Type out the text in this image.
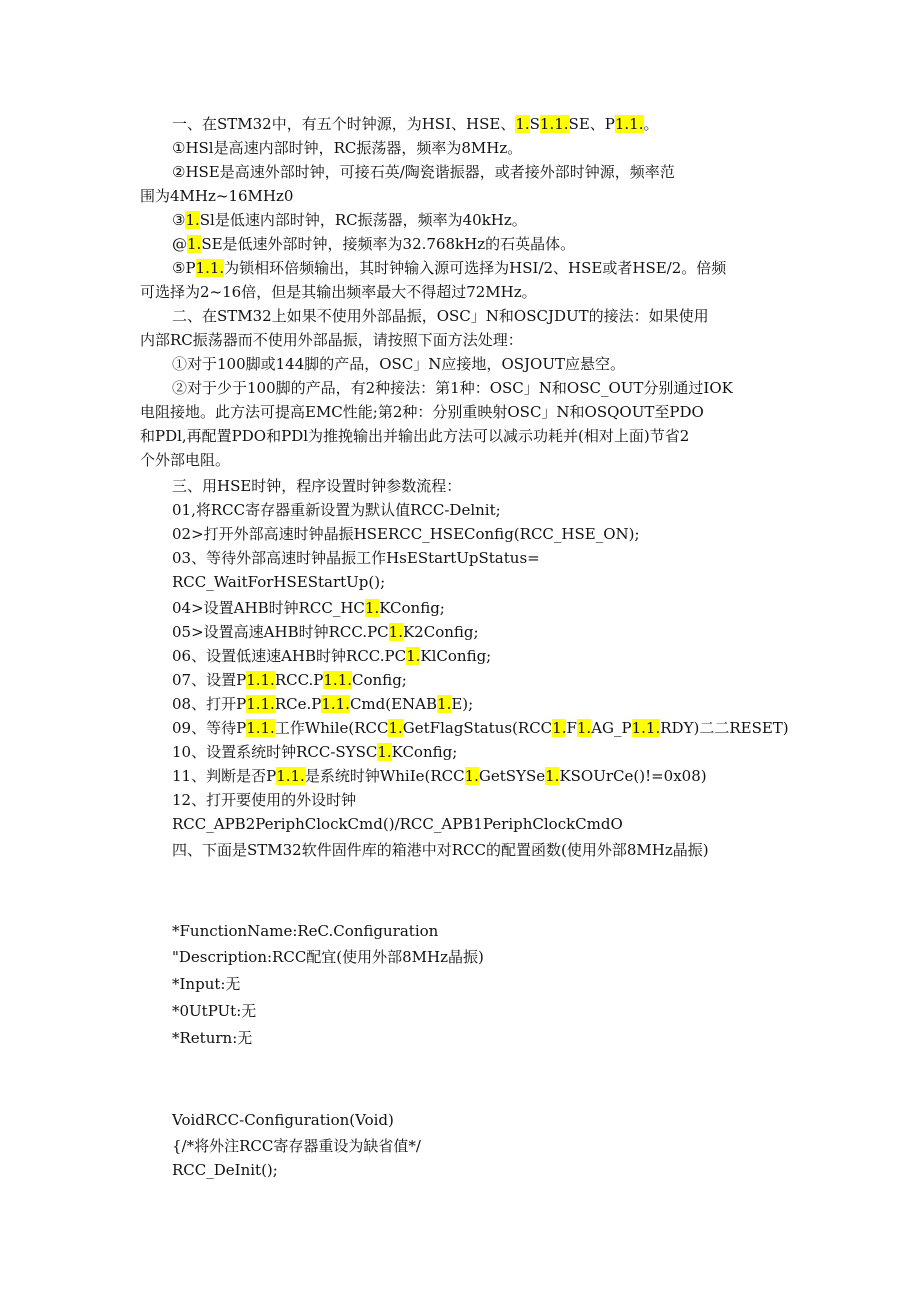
一、在STM32中，有五个时钟源，为HSI、HSE、1.S1.1.SE、P1.1.。
①HSl是高速内部时钟，RC振荡器，频率为8MHz。
②HSE是高速外部时钟，可接石英/陶瓷谐振器，或者接外部时钟源，频率范
围为4MHz~16MHz0
③1.Sl是低速内部时钟，RC振荡器，频率为40kHz。
@1.SE是低速外部时钟，接频率为32.768kHz的石英晶体。
⑤P1.1.为锁相环倍频输出，其时钟输入源可选择为HSI/2、HSE或者HSE/2。倍频
可选择为2~16倍，但是其输出频率最大不得超过72MHz。
二、在STM32上如果不使用外部晶振，OSC」N和OSCJDUT的接法：如果使用
内部RC振荡器而不使用外部晶振，请按照下面方法处理：
①对于100脚或144脚的产品，OSC」N应接地，OSJOUT应悬空。
②对于少于100脚的产品，有2种接法：第1种：OSC」N和OSC_OUT分别通过IOK
电阻接地。此方法可提高EMC性能;第2种：分别重映射OSC」N和OSQOUT至PDO
和PDl,再配置PDO和PDl为推挽输出并输出此方法可以减示功耗并(相对上面)节省2
个外部电阻。
三、用HSE时钟，程序设置时钟参数流程：
01,将RCC寄存器重新设置为默认值RCC-Delnit;
02>打开外部高速时钟晶振HSERCC_HSEConfig(RCC_HSE_ON);
03、等待外部高速时钟晶振工作HsEStartUpStatus=
RCC_WaitForHSEStartUp();
04>设置AHB时钟RCC_HC1.KConfig;
05>设置高速AHB时钟RCC.PC1.K2Config;
06、设置低速速AHB时钟RCC.PC1.KlConfig;
07、设置P1.1.RCC.P1.1.Config;
08、打开P1.1.RCe.P1.1.Cmd(ENAB1.E);
09、等待P1.1.工作While(RCC1.GetFlagStatus(RCC1.F1.AG_P1.1.RDY)二二RESET)
10、设置系统时钟RCC-SYSC1.KConfig;
11、判断是否P1.1.是系统时钟WhiIe(RCC1.GetSYSe1.KSOUrCe()!=0x08)
12、打开要使用的外设时钟
RCC_APB2PeriphClockCmd()/RCC_APB1PeriphClockCmdO
四、下面是STM32软件固件库的箱港中对RCC的配置函数(使用外部8MHz晶振)
*FunctionName:ReC.Configuration
"Description:RCC配宜(使用外部8MHz晶振)
*Input:无
*0UtPUt:无
*Return:无
VoidRCC-Configuration(Void)
{/*将外注RCC寄存器重设为缺省值*/
RCC_DeInit();
